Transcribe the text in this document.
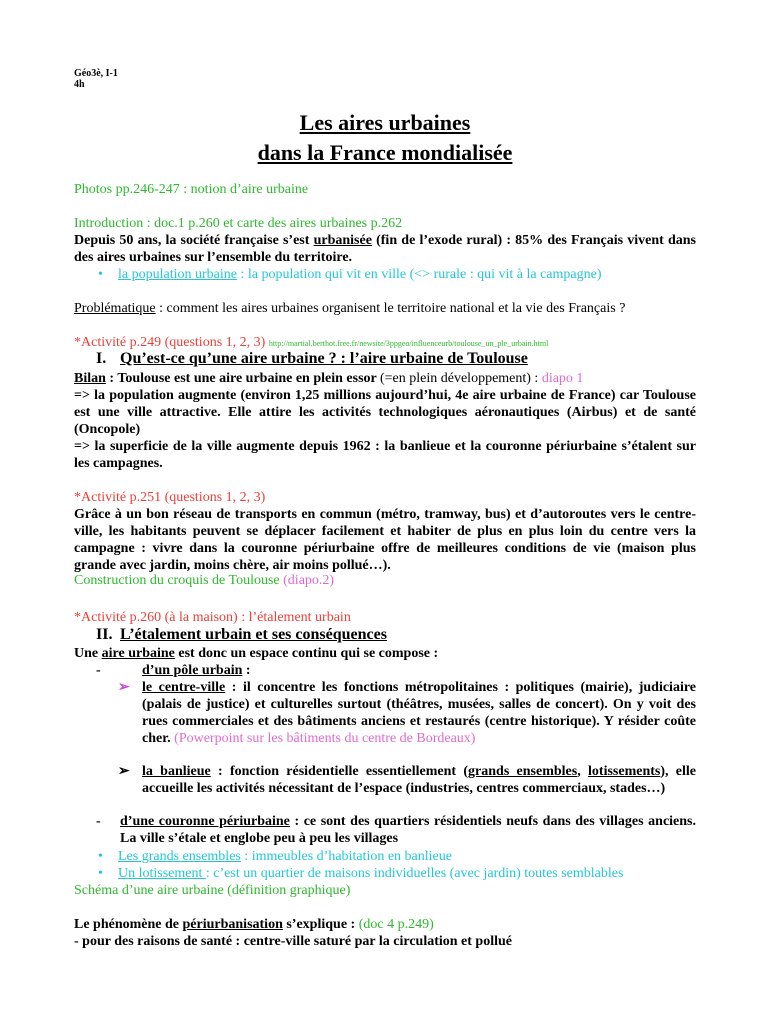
Géo3è, I-1
4h
Les aires urbaines
dans la France mondialisée
Photos pp.246-247 : notion d’aire urbaine
Introduction : doc.1 p.260 et carte des aires urbaines p.262
Depuis 50 ans, la société française s’est urbanisée (fin de l’exode rural) : 85% des Français vivent dans des aires urbaines sur l’ensemble du territoire.
•	la population urbaine : la population qui vit en ville (<> rurale : qui vit à la campagne)
Problématique : comment les aires urbaines organisent le territoire national et la vie des Français ?
*Activité p.249 (questions 1, 2, 3) http://martial.berthot.free.fr/newsite/3ppgeo/influenceurb/toulouse_un_ple_urbain.html
I. Qu’est-ce qu’une aire urbaine ? : l’aire urbaine de Toulouse
Bilan : Toulouse est une aire urbaine en plein essor (=en plein développement) : diapo 1
=> la population augmente (environ 1,25 millions aujourd’hui, 4e aire urbaine de France) car Toulouse est une ville attractive. Elle attire les activités technologiques aéronautiques (Airbus) et de santé (Oncopole)
=> la superficie de la ville augmente depuis 1962 : la banlieue et la couronne périurbaine s’étalent sur les campagnes.
*Activité p.251 (questions 1, 2, 3)
Grâce à un bon réseau de transports en commun (métro, tramway, bus) et d’autoroutes vers le centre-ville, les habitants peuvent se déplacer facilement et habiter de plus en plus loin du centre vers la campagne : vivre dans la couronne périurbaine offre de meilleures conditions de vie (maison plus grande avec jardin, moins chère, air moins pollué…).
Construction du croquis de Toulouse (diapo.2)
*Activité p.260 (à la maison) : l’étalement urbain
II. L’étalement urbain et ses conséquences
Une aire urbaine est donc un espace continu qui se compose :
-	d’un pôle urbain :
➢ le centre-ville : il concentre les fonctions métropolitaines : politiques (mairie), judiciaire (palais de justice) et culturelles surtout (théâtres, musées, salles de concert). On y voit des rues commerciales et des bâtiments anciens et restaurés (centre historique). Y résider coûte cher. (Powerpoint sur les bâtiments du centre de Bordeaux)
➢ la banlieue : fonction résidentielle essentiellement (grands ensembles, lotissements), elle accueille les activités nécessitant de l’espace (industries, centres commerciaux, stades…)
-	d’une couronne périurbaine : ce sont des quartiers résidentiels neufs dans des villages anciens. La ville s’étale et englobe peu à peu les villages
•	Les grands ensembles : immeubles d’habitation en banlieue
•	Un lotissement : c’est un quartier de maisons individuelles (avec jardin) toutes semblables
Schéma d’une aire urbaine (définition graphique)
Le phénomène de périurbanisation s’explique : (doc 4 p.249)
- pour des raisons de santé : centre-ville saturé par la circulation et pollué
